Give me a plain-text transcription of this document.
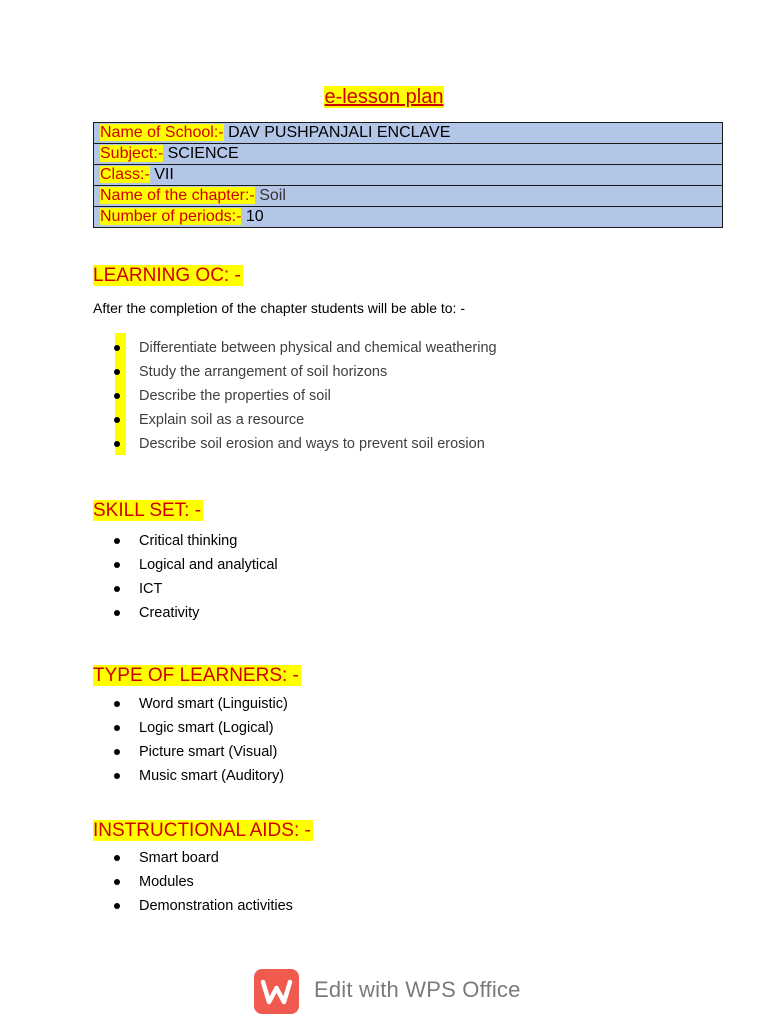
e-lesson plan
Name of School:- DAV PUSHPANJALI ENCLAVE
Subject:- SCIENCE
Class:- VII
Name of the chapter:- Soil
Number of periods:- 10
LEARNING OC: -
After the completion of the chapter students will be able to: -
Differentiate between physical and chemical weathering
Study the arrangement of soil horizons
Describe the properties of soil
Explain soil as a resource
Describe soil erosion and ways to prevent soil erosion
SKILL SET: -
Critical thinking
Logical and analytical
ICT
Creativity
TYPE OF LEARNERS: -
Word smart (Linguistic)
Logic smart (Logical)
Picture smart (Visual)
Music smart (Auditory)
INSTRUCTIONAL AIDS: -
Smart board
Modules
Demonstration activities
Edit with WPS Office
